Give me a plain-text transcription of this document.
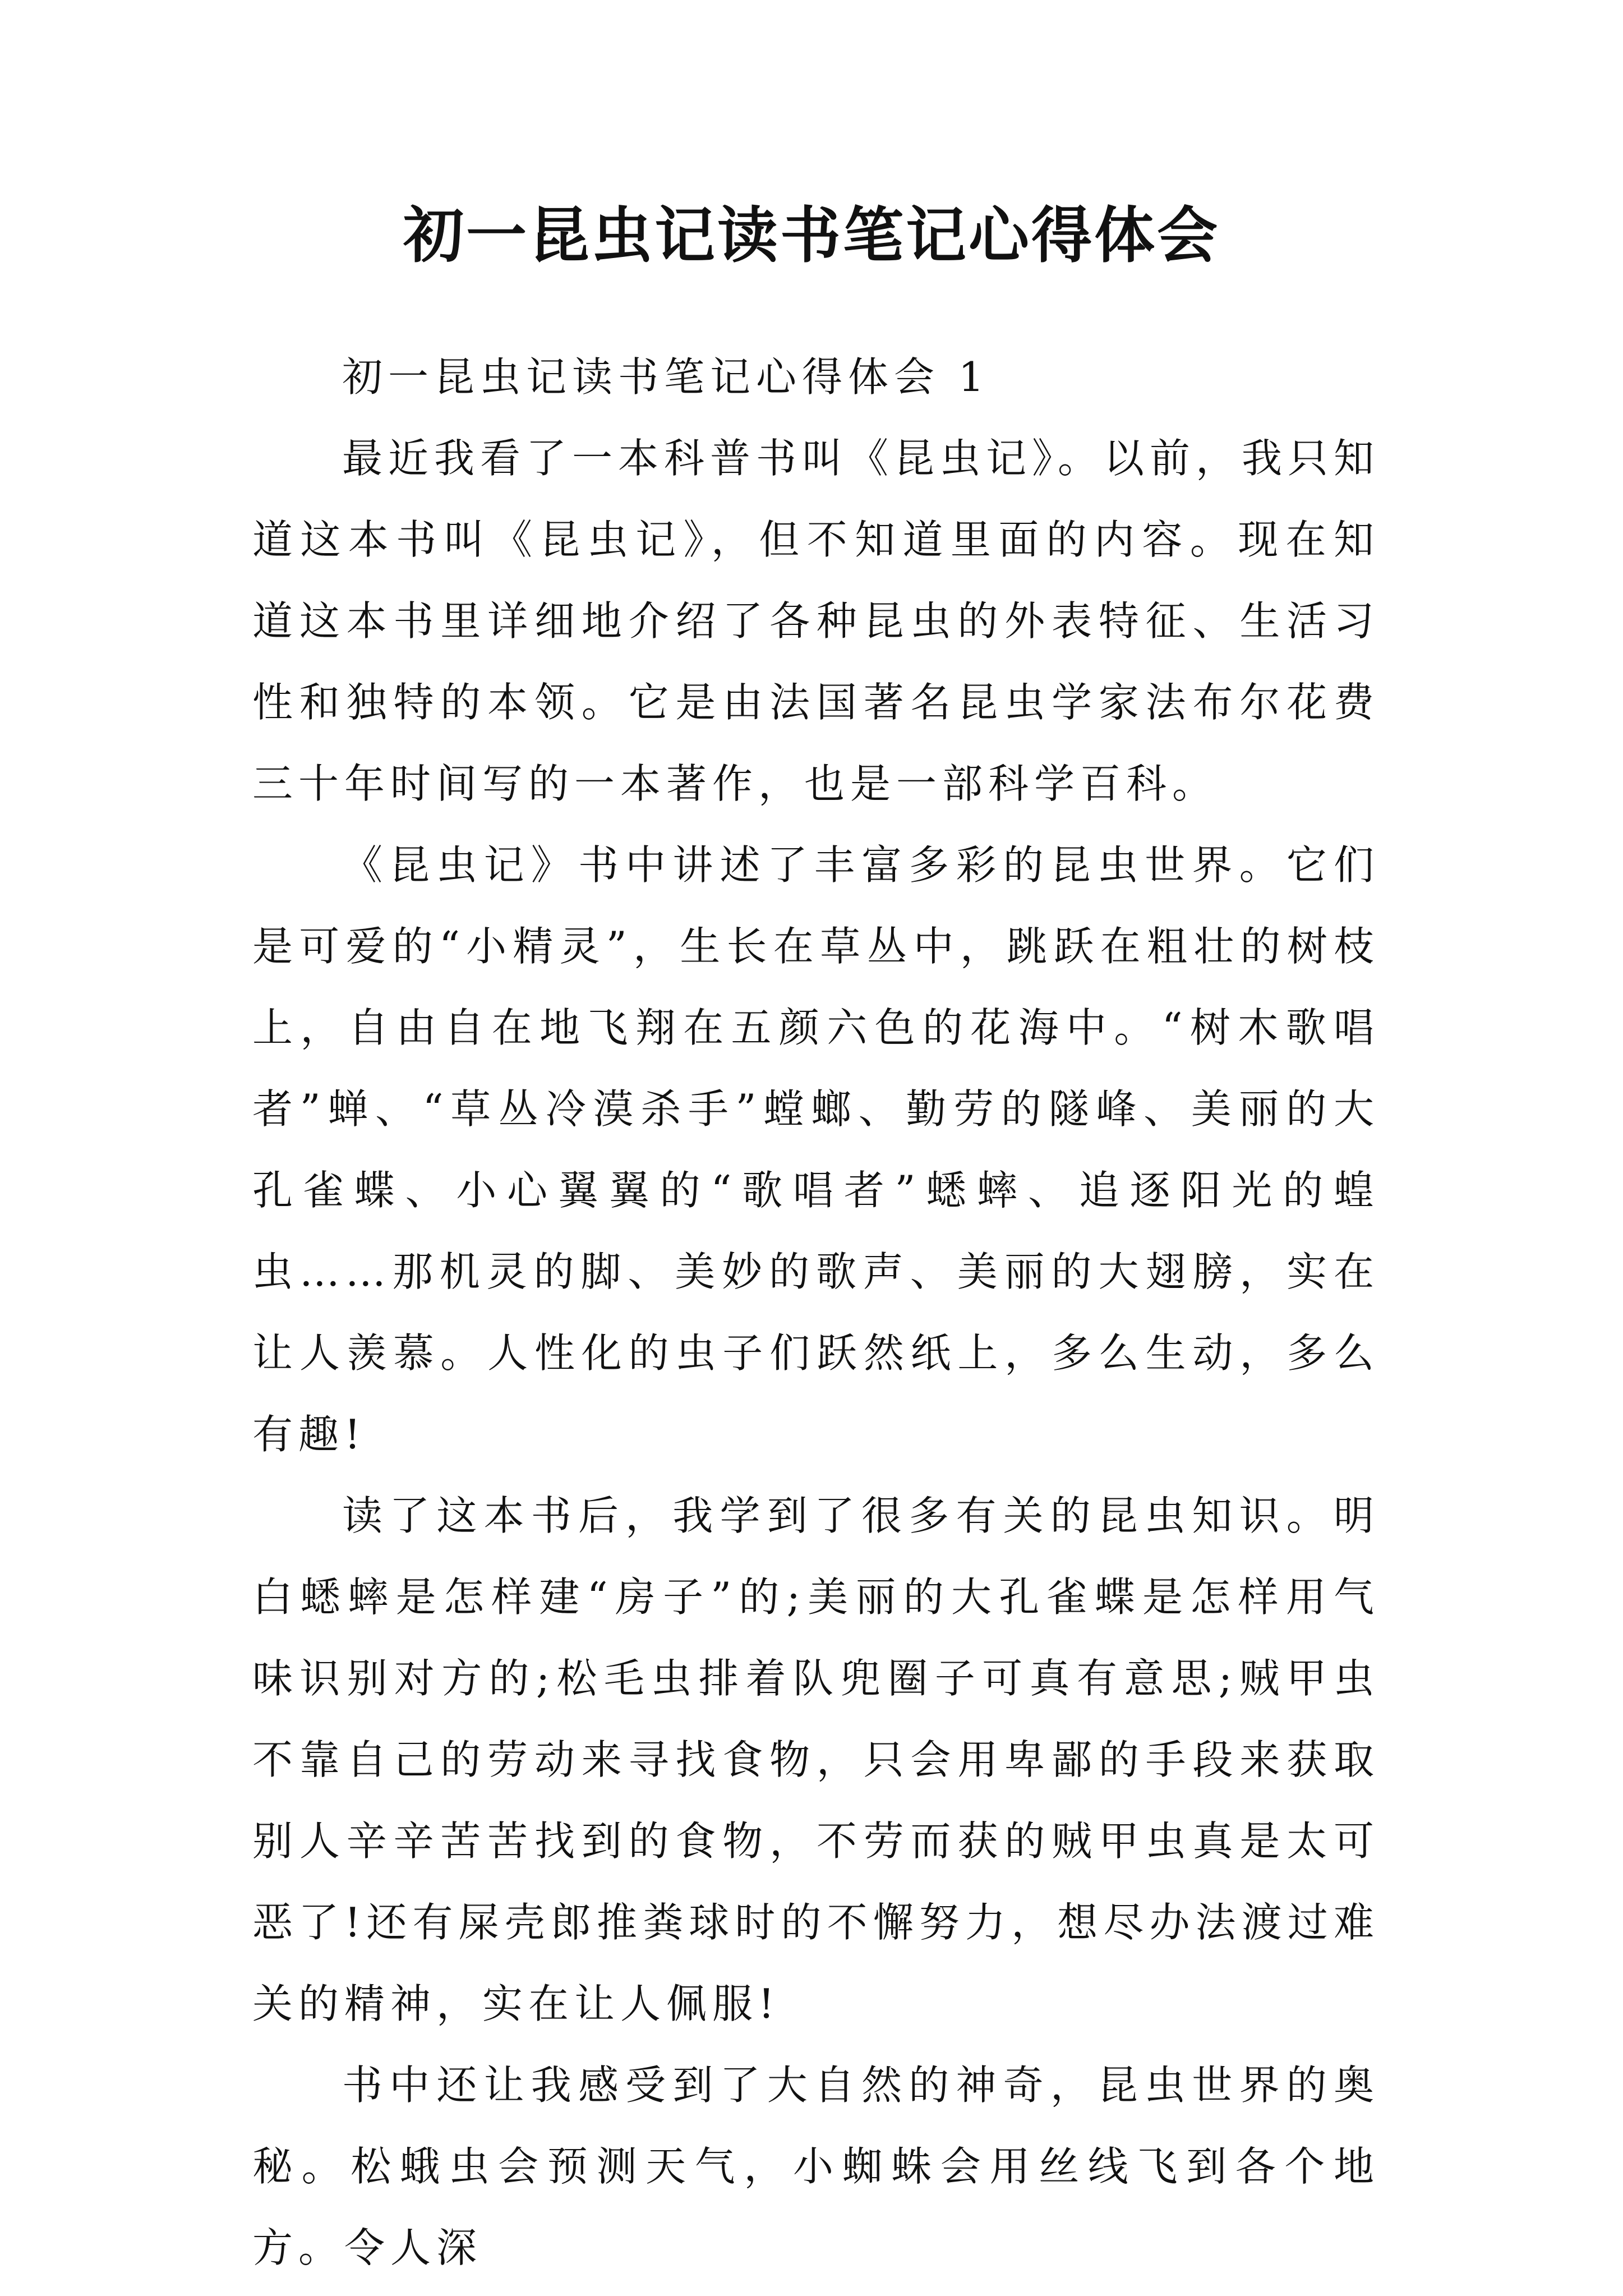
初一昆虫记读书笔记心得体会

初一昆虫记读书笔记心得体会 1

最近我看了一本科普书叫《昆虫记》。以前，我只知道这本书叫《昆虫记》，但不知道里面的内容。现在知道这本书里详细地介绍了各种昆虫的外表特征、生活习性和独特的本领。它是由法国著名昆虫学家法布尔花费三十年时间写的一本著作，也是一部科学百科。

《昆虫记》书中讲述了丰富多彩的昆虫世界。它们是可爱的“小精灵”，生长在草丛中，跳跃在粗壮的树枝上，自由自在地飞翔在五颜六色的花海中。“树木歌唱者”蝉、“草丛冷漠杀手”螳螂、勤劳的隧峰、美丽的大孔雀蝶、小心翼翼的“歌唱者”蟋蟀、追逐阳光的蝗虫……那机灵的脚、美妙的歌声、美丽的大翅膀，实在让人羡慕。人性化的虫子们跃然纸上，多么生动，多么有趣!

读了这本书后，我学到了很多有关的昆虫知识。明白蟋蟀是怎样建“房子”的;美丽的大孔雀蝶是怎样用气味识别对方的;松毛虫排着队兜圈子可真有意思;贼甲虫不靠自己的劳动来寻找食物，只会用卑鄙的手段来获取别人辛辛苦苦找到的食物，不劳而获的贼甲虫真是太可恶了!还有屎壳郎推粪球时的不懈努力，想尽办法渡过难关的精神，实在让人佩服!

书中还让我感受到了大自然的神奇，昆虫世界的奥秘。松蛾虫会预测天气，小蜘蛛会用丝线飞到各个地方。令人深
